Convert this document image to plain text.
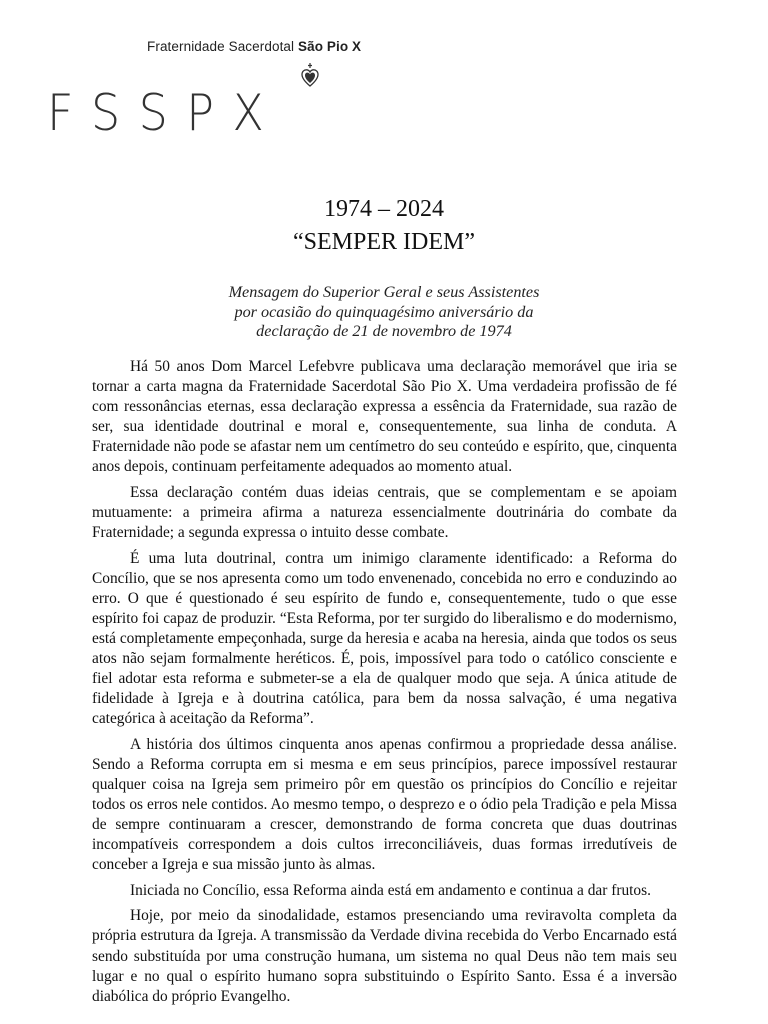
Fraternidade Sacerdotal São Pio X
FSSPX
1974 – 2024
“SEMPER IDEM”
Mensagem do Superior Geral e seus Assistentes
por ocasião do quinquagésimo aniversário da
declaração de 21 de novembro de 1974

Há 50 anos Dom Marcel Lefebvre publicava uma declaração memorável que iria se tornar a carta magna da Fraternidade Sacerdotal São Pio X. Uma verdadeira profissão de fé com ressonâncias eternas, essa declaração expressa a essência da Fraternidade, sua razão de ser, sua identidade doutrinal e moral e, consequentemente, sua linha de conduta. A Fraternidade não pode se afastar nem um centímetro do seu conteúdo e espírito, que, cinquenta anos depois, continuam perfeitamente adequados ao momento atual.

Essa declaração contém duas ideias centrais, que se complementam e se apoiam mutuamente: a primeira afirma a natureza essencialmente doutrinária do combate da Fraternidade; a segunda expressa o intuito desse combate.

É uma luta doutrinal, contra um inimigo claramente identificado: a Reforma do Concílio, que se nos apresenta como um todo envenenado, concebida no erro e conduzindo ao erro. O que é questionado é seu espírito de fundo e, consequentemente, tudo o que esse espírito foi capaz de produzir. “Esta Reforma, por ter surgido do liberalismo e do modernismo, está completamente empeçonhada, surge da heresia e acaba na heresia, ainda que todos os seus atos não sejam formalmente heréticos. É, pois, impossível para todo o católico consciente e fiel adotar esta reforma e submeter-se a ela de qualquer modo que seja. A única atitude de fidelidade à Igreja e à doutrina católica, para bem da nossa salvação, é uma negativa categórica à aceitação da Reforma”.

A história dos últimos cinquenta anos apenas confirmou a propriedade dessa análise. Sendo a Reforma corrupta em si mesma e em seus princípios, parece impossível restaurar qualquer coisa na Igreja sem primeiro pôr em questão os princípios do Concílio e rejeitar todos os erros nele contidos. Ao mesmo tempo, o desprezo e o ódio pela Tradição e pela Missa de sempre continuaram a crescer, demonstrando de forma concreta que duas doutrinas incompatíveis correspondem a dois cultos irreconciliáveis, duas formas irredutíveis de conceber a Igreja e sua missão junto às almas.

Iniciada no Concílio, essa Reforma ainda está em andamento e continua a dar frutos.

Hoje, por meio da sinodalidade, estamos presenciando uma reviravolta completa da própria estrutura da Igreja. A transmissão da Verdade divina recebida do Verbo Encarnado está sendo substituída por uma construção humana, um sistema no qual Deus não tem mais seu lugar e no qual o espírito humano sopra substituindo o Espírito Santo. Essa é a inversão diabólica do próprio Evangelho.
